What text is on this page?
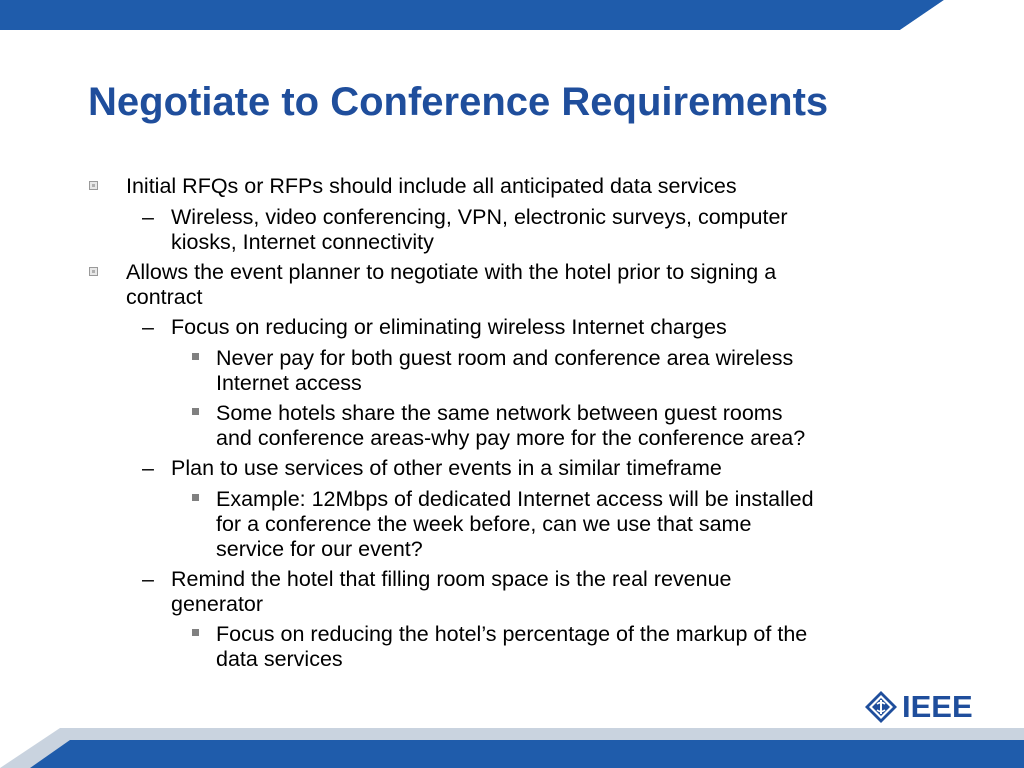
Negotiate to Conference Requirements

Initial RFQs or RFPs should include all anticipated data services

– Wireless, video conferencing, VPN, electronic surveys, computer

kiosks, Internet connectivity

Allows the event planner to negotiate with the hotel prior to signing a

contract

– Focus on reducing or eliminating wireless Internet charges

Never pay for both guest room and conference area wireless

Internet access

Some hotels share the same network between guest rooms

and conference areas-why pay more for the conference area?

– Plan to use services of other events in a similar timeframe

Example: 12Mbps of dedicated Internet access will be installed

for a conference the week before, can we use that same

service for our event?

– Remind the hotel that filling room space is the real revenue

generator

Focus on reducing the hotel’s percentage of the markup of the

data services

IEEE
